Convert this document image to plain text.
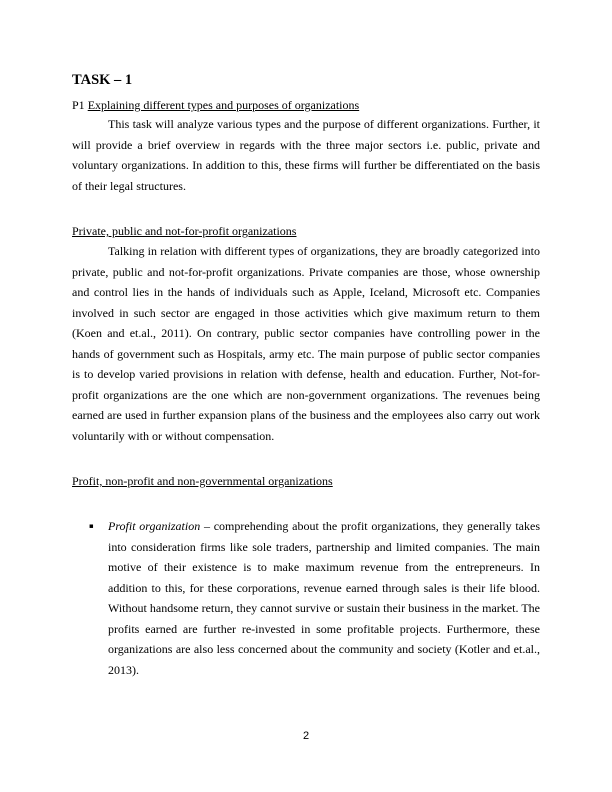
TASK – 1

P1 Explaining different types and purposes of organizations

This task will analyze various types and the purpose of different organizations. Further, it will provide a brief overview in regards with the three major sectors i.e. public, private and voluntary organizations. In addition to this, these firms will further be differentiated on the basis of their legal structures.

Private, public and not-for-profit organizations

Talking in relation with different types of organizations, they are broadly categorized into private, public and not-for-profit organizations. Private companies are those, whose ownership and control lies in the hands of individuals such as Apple, Iceland, Microsoft etc. Companies involved in such sector are engaged in those activities which give maximum return to them (Koen and et.al., 2011). On contrary, public sector companies have controlling power in the hands of government such as Hospitals, army etc. The main purpose of public sector companies is to develop varied provisions in relation with defense, health and education. Further, Not-for-profit organizations are the one which are non-government organizations. The revenues being earned are used in further expansion plans of the business and the employees also carry out work voluntarily with or without compensation.

Profit, non-profit and non-governmental organizations

▪ Profit organization – comprehending about the profit organizations, they generally takes into consideration firms like sole traders, partnership and limited companies. The main motive of their existence is to make maximum revenue from the entrepreneurs. In addition to this, for these corporations, revenue earned through sales is their life blood. Without handsome return, they cannot survive or sustain their business in the market. The profits earned are further re-invested in some profitable projects. Furthermore, these organizations are also less concerned about the community and society (Kotler and et.al., 2013).

2
